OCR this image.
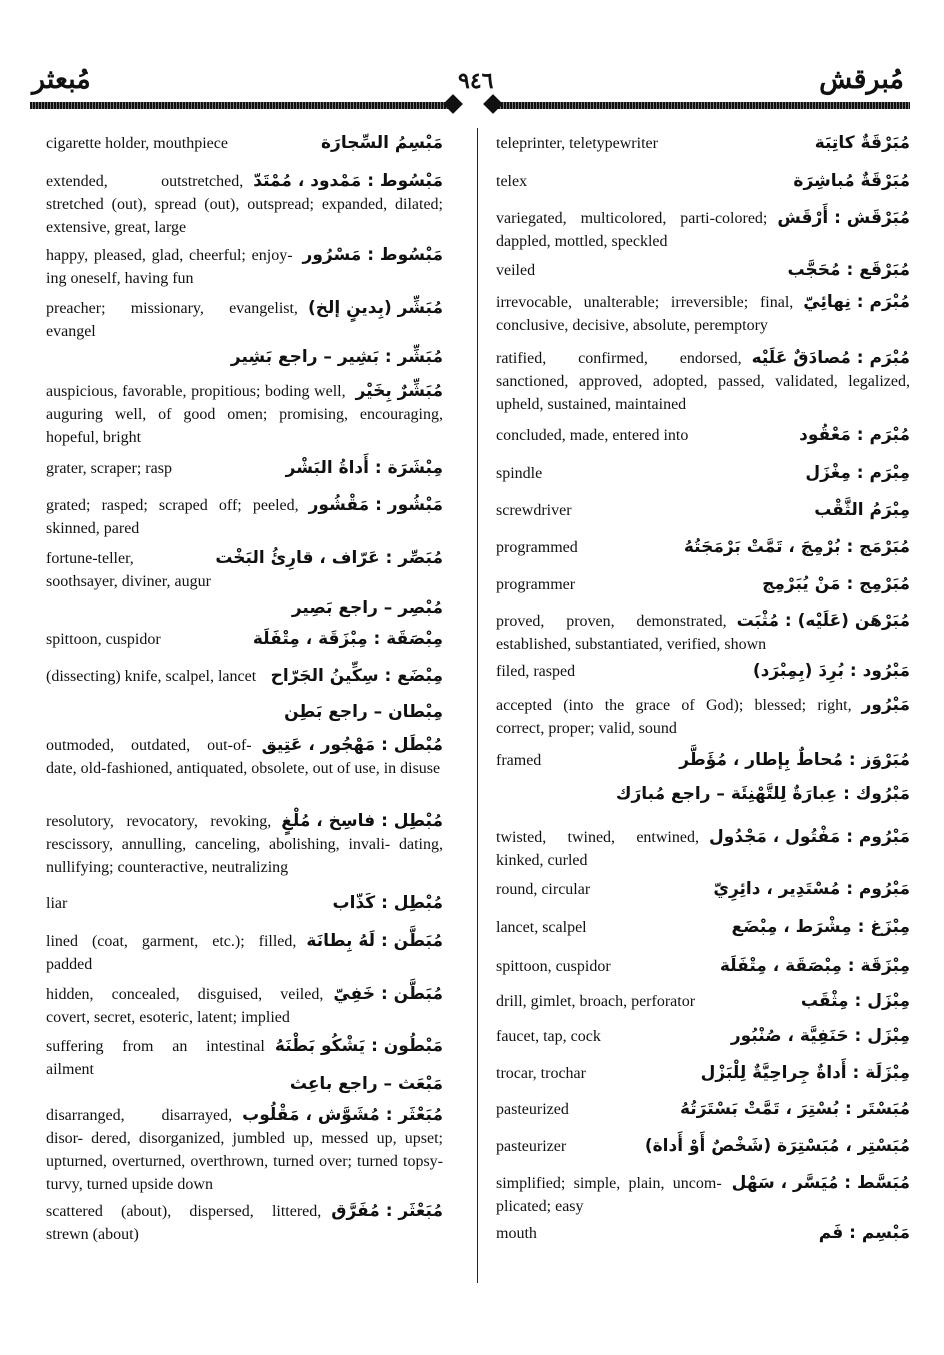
مُبعثر	٩٤٦	مُبرقش
مَبْسِمُ السِّجارَة
cigarette holder, mouthpiece
مَبْسُوط : مَمْدود ، مُمْتَدّ
extended, outstretched, stretched (out), spread (out), outspread; expanded, dilated; extensive, great, large
مَبْسُوط : مَسْرُور
happy, pleased, glad, cheerful; enjoy- ing oneself, having fun
مُبَشِّر (بِدينٍ إلخ)
preacher; missionary, evangelist, evangel
مُبَشِّر : بَشِير – راجع بَشِير
مُبَشِّرٌ بِخَيْر
auspicious, favorable, propitious; boding well, auguring well, of good omen; promising, encouraging, hopeful, bright
مِبْشَرَة : أَداةُ البَشْر
grater, scraper; rasp
مَبْشُور : مَقْشُور
grated; rasped; scraped off; peeled, skinned, pared
مُبَصِّر : عَرّاف ، قارِئُ البَخْت
fortune-teller, soothsayer, diviner, augur
مُبْصِر – راجع بَصِير
مِبْصَقَة : مِبْزَقَة ، مِتْفَلَة
spittoon, cuspidor
مِبْضَع : سِكِّينُ الجَرّاح
(dissecting) knife, scalpel, lancet
مِبْطان – راجع بَطِن
مُبْطَل : مَهْجُور ، عَتِيق
outmoded, outdated, out-of-date, old-fashioned, antiquated, obsolete, out of use, in disuse
مُبْطِل : فاسِخ ، مُلْغٍ
resolutory, revocatory, revoking, rescissory, annulling, canceling, abolishing, invali- dating, nullifying; counteractive, neutralizing
مُبْطِل : كَذّاب
liar
مُبَطَّن : لَهُ بِطانَة
lined (coat, garment, etc.); filled, padded
مُبَطَّن : خَفِيّ
hidden, concealed, disguised, veiled, covert, secret, esoteric, latent; implied
مَبْطُون : يَشْكُو بَطْنَهُ
suffering from an intestinal ailment
مَبْعَث – راجع باعِث
مُبَعْثَر : مُشَوَّش ، مَقْلُوب
disarranged, disarrayed, disor- dered, disorganized, jumbled up, messed up, upset; upturned, overturned, overthrown, turned over; turned topsy-turvy, turned upside down
مُبَعْثَر : مُفَرَّق
scattered (about), dispersed, littered, strewn (about)
مُبَرْقَةٌ كاتِبَة
teleprinter, teletypewriter
مُبَرْقَةٌ مُباشِرَة
telex
مُبَرْقَش : أَرْقَش
variegated, multicolored, parti-colored; dappled, mottled, speckled
مُبَرْقَع : مُحَجَّب
veiled
مُبْرَم : نِهائِيّ
irrevocable, unalterable; irreversible; final, conclusive, decisive, absolute, peremptory
مُبْرَم : مُصادَقٌ عَلَيْه
ratified, confirmed, endorsed, sanctioned, approved, adopted, passed, validated, legalized, upheld, sustained, maintained
مُبْرَم : مَعْقُود
concluded, made, entered into
مِبْرَم : مِغْزَل
spindle
مِبْرَمُ الثَّقْب
screwdriver
مُبَرْمَج : بُرْمِجَ ، تَمَّتْ بَرْمَجَتُهُ
programmed
مُبَرْمِج : مَنْ يُبَرْمِج
programmer
مُبَرْهَن (عَلَيْه) : مُثْبَت
proved, proven, demonstrated, established, substantiated, verified, shown
مَبْرُود : بُرِدَ (بِمِبْرَد)
filed, rasped
مَبْرُور
accepted (into the grace of God); blessed; right, correct, proper; valid, sound
مُبَرْوَز : مُحاطٌ بِإطار ، مُؤَطَّر
framed
مَبْرُوك : عِبارَةٌ لِلتَّهْنِئَة – راجع مُبارَك
مَبْرُوم : مَفْتُول ، مَجْدُول
twisted, twined, entwined, kinked, curled
مَبْرُوم : مُسْتَدِير ، دائِرِيّ
round, circular
مِبْزَغ : مِشْرَط ، مِبْضَع
lancet, scalpel
مِبْزَقَة : مِبْصَقَة ، مِتْفَلَة
spittoon, cuspidor
مِبْزَل : مِثْقَب
drill, gimlet, broach, perforator
مِبْزَل : حَنَفِيَّة ، صُنْبُور
faucet, tap, cock
مِبْزَلَة : أَداةٌ جِراحِيَّةٌ لِلْبَزْل
trocar, trochar
مُبَسْتَر : بُسْتِرَ ، تَمَّتْ بَسْتَرَتُهُ
pasteurized
مُبَسْتِر ، مُبَسْتِرَة (شَخْصٌ أَوْ أَداة)
pasteurizer
مُبَسَّط : مُيَسَّر ، سَهْل
simplified; simple, plain, uncom- plicated; easy
مَبْسِم : فَم
mouth
